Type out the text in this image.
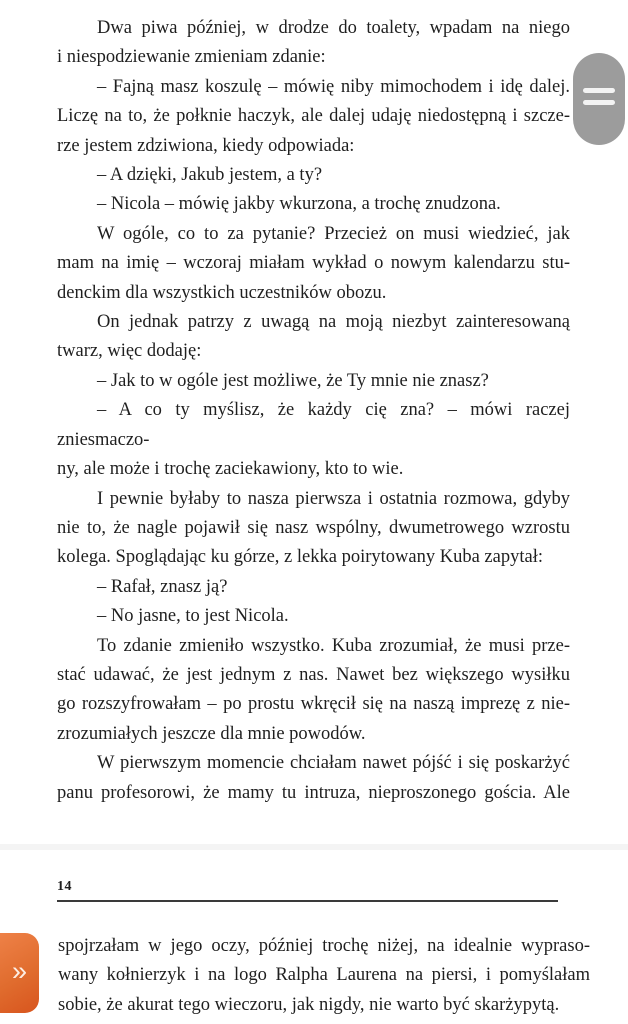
Dwa piwa później, w drodze do toalety, wpadam na niego
i niespodziewanie zmieniam zdanie:
– Fajną masz koszulę – mówię niby mimochodem i idę dalej.
Liczę na to, że połknie haczyk, ale dalej udaję niedostępną i szcze-
rze jestem zdziwiona, kiedy odpowiada:
– A dzięki, Jakub jestem, a ty?
– Nicola – mówię jakby wkurzona, a trochę znudzona.
W ogóle, co to za pytanie? Przecież on musi wiedzieć, jak
mam na imię – wczoraj miałam wykład o nowym kalendarzu stu-
denckim dla wszystkich uczestników obozu.
On jednak patrzy z uwagą na moją niezbyt zainteresowaną
twarz, więc dodaję:
– Jak to w ogóle jest możliwe, że Ty mnie nie znasz?
– A co ty myślisz, że każdy cię zna? – mówi raczej zniesmaczo-
ny, ale może i trochę zaciekawiony, kto to wie.
I pewnie byłaby to nasza pierwsza i ostatnia rozmowa, gdyby
nie to, że nagle pojawił się nasz wspólny, dwumetrowego wzrostu
kolega. Spoglądając ku górze, z lekka poirytowany Kuba zapytał:
– Rafał, znasz ją?
– No jasne, to jest Nicola.
To zdanie zmieniło wszystko. Kuba zrozumiał, że musi prze-
stać udawać, że jest jednym z nas. Nawet bez większego wysiłku
go rozszyfrowałam – po prostu wkręcił się na naszą imprezę z nie-
zrozumiałych jeszcze dla mnie powodów.
W pierwszym momencie chciałam nawet pójść i się poskarżyć
panu profesorowi, że mamy tu intruza, nieproszonego gościa. Ale
14
spojrzałam w jego oczy, później trochę niżej, na idealnie wypraso-
wany kołnierzyk i na logo Ralpha Laurena na piersi, i pomyślałam
sobie, że akurat tego wieczoru, jak nigdy, nie warto być skarżypytą.
»
